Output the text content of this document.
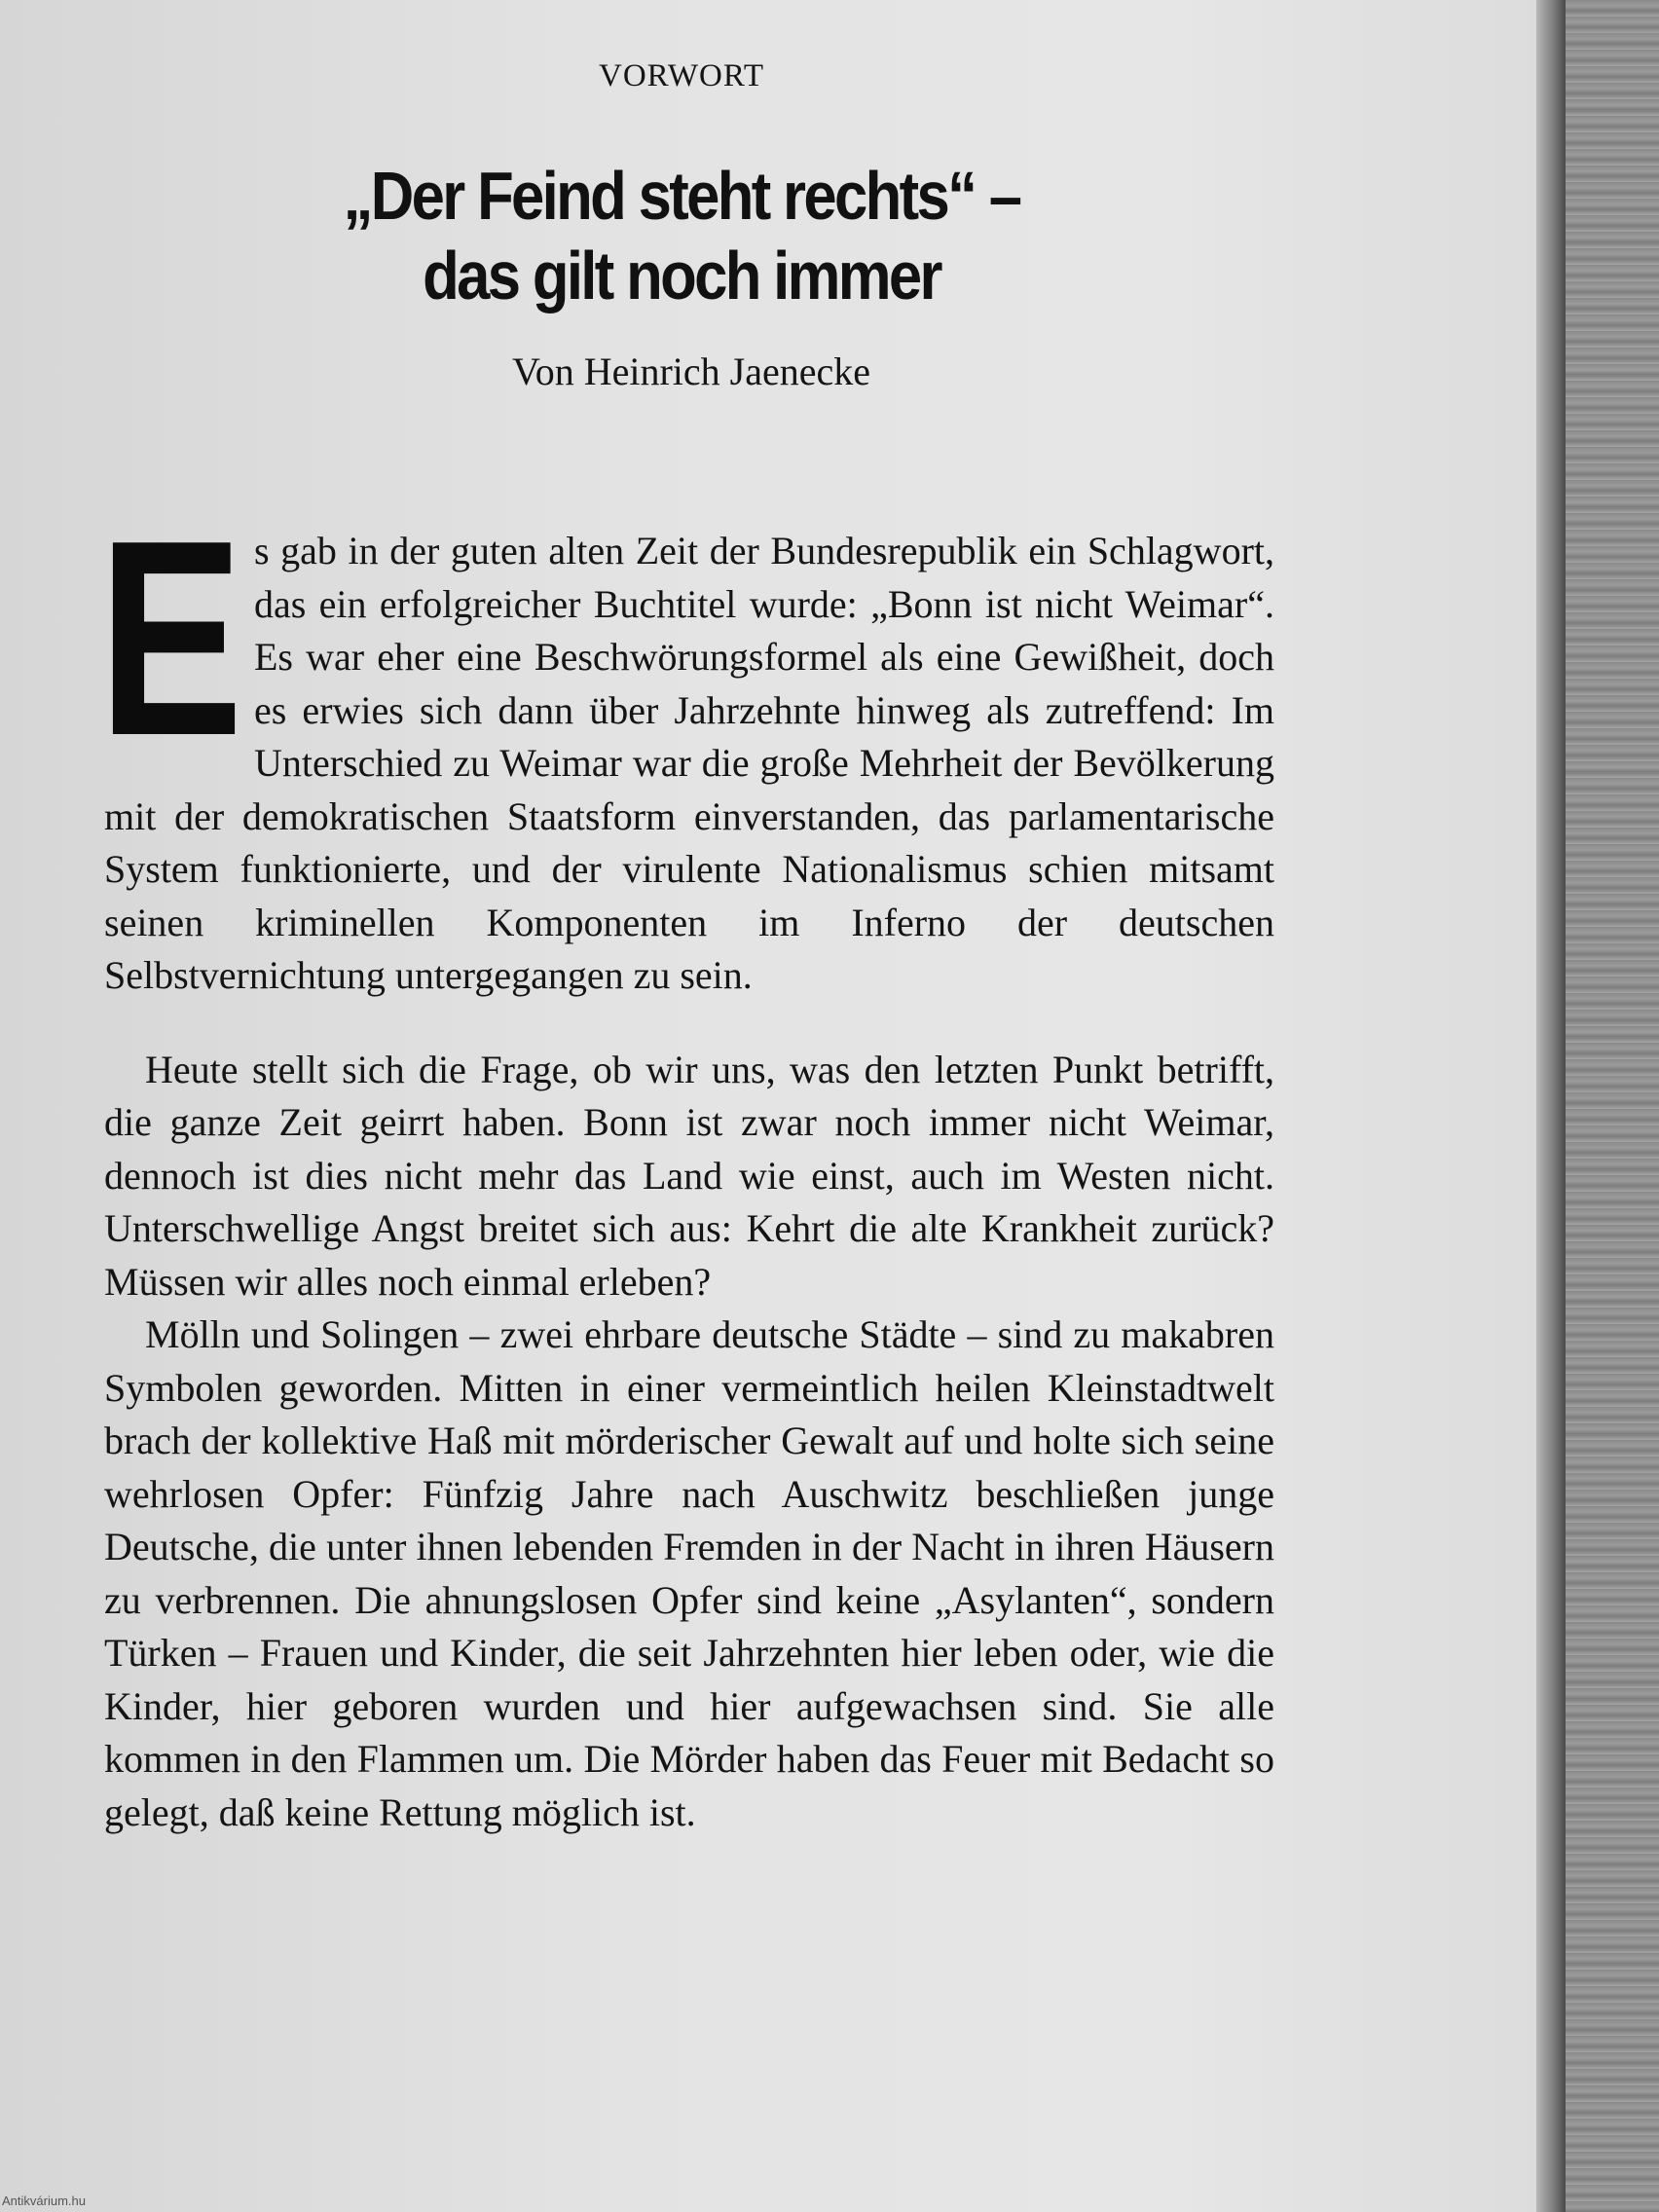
VORWORT
„Der Feind steht rechts“ –
das gilt noch immer
Von Heinrich Jaenecke

Es gab in der guten alten Zeit der Bundesrepublik ein Schlagwort, das ein erfolgreicher Buchtitel wurde: „Bonn ist nicht Weimar“. Es war eher eine Beschwörungsformel als eine Gewißheit, doch es erwies sich dann über Jahrzehnte hinweg als zutreffend: Im Unterschied zu Weimar war die große Mehrheit der Bevölkerung mit der demokratischen Staatsform einverstanden, das parlamentarische System funktionierte, und der virulente Nationalismus schien mitsamt seinen kriminellen Komponenten im Inferno der deutschen Selbstvernichtung untergegangen zu sein.

Heute stellt sich die Frage, ob wir uns, was den letzten Punkt betrifft, die ganze Zeit geirrt haben. Bonn ist zwar noch immer nicht Weimar, dennoch ist dies nicht mehr das Land wie einst, auch im Westen nicht. Unterschwellige Angst breitet sich aus: Kehrt die alte Krankheit zurück? Müssen wir alles noch einmal erleben?

Mölln und Solingen – zwei ehrbare deutsche Städte – sind zu makabren Symbolen geworden. Mitten in einer vermeintlich heilen Kleinstadtwelt brach der kollektive Haß mit mörderischer Gewalt auf und holte sich seine wehrlosen Opfer: Fünfzig Jahre nach Auschwitz beschließen junge Deutsche, die unter ihnen lebenden Fremden in der Nacht in ihren Häusern zu verbrennen. Die ahnungslosen Opfer sind keine „Asylanten“, sondern Türken – Frauen und Kinder, die seit Jahrzehnten hier leben oder, wie die Kinder, hier geboren wurden und hier aufgewachsen sind. Sie alle kommen in den Flammen um. Die Mörder haben das Feuer mit Bedacht so gelegt, daß keine Rettung möglich ist.

Antikvárium.hu
